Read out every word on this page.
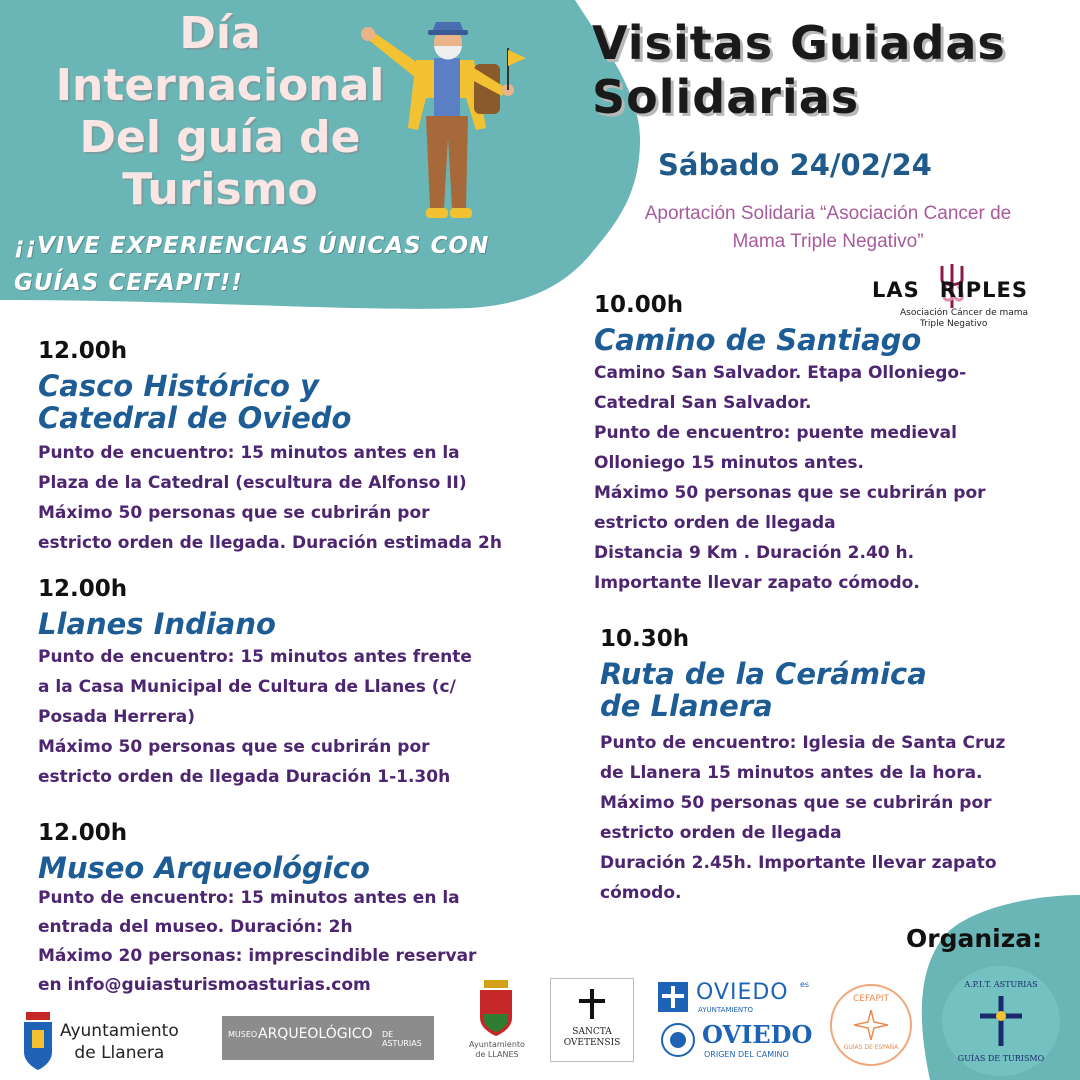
Día
Internacional
Del guía de
Turismo
¡¡VIVE EXPERIENCIAS ÚNICAS CON GUÍAS CEFAPIT!!
Visitas Guiadas Solidarias
Sábado 24/02/24
Aportación Solidaria “Asociación Cancer de Mama Triple Negativo”
LAS RIPLES
Asociación Cáncer de mama
Triple Negativo
12.00h
Casco Histórico y
Catedral de Oviedo
Punto de encuentro: 15 minutos antes en la
Plaza de la Catedral (escultura de Alfonso II)
Máximo 50 personas que se cubrirán por
estricto orden de llegada. Duración estimada 2h
12.00h
Llanes Indiano
Punto de encuentro: 15 minutos antes frente
a la Casa Municipal de Cultura de Llanes (c/
Posada Herrera)
Máximo 50 personas que se cubrirán por
estricto orden de llegada Duración 1-1.30h
12.00h
Museo Arqueológico
Punto de encuentro: 15 minutos antes en la
entrada del museo. Duración: 2h
Máximo 20 personas: imprescindible reservar
en info@guiasturismoasturias.com
10.00h
Camino de Santiago
Camino San Salvador. Etapa Olloniego-
Catedral San Salvador.
Punto de encuentro: puente medieval
Olloniego 15 minutos antes.
Máximo 50 personas que se cubrirán por
estricto orden de llegada
Distancia 9 Km . Duración 2.40 h.
Importante llevar zapato cómodo.
10.30h
Ruta de la Cerámica
de Llanera
Punto de encuentro: Iglesia de Santa Cruz
de Llanera 15 minutos antes de la hora.
Máximo 50 personas que se cubrirán por
estricto orden de llegada
Duración 2.45h. Importante llevar zapato
cómodo.
Organiza:
Ayuntamiento
de Llanera
MUSEO ARQUEOLÓGICO DE ASTURIAS	Ayuntamiento
de LLANES
SANCTA
OVETENSIS
OVIEDO es
AYUNTAMIENTO
OVIEDO
ORIGEN DEL CAMINO
CEFAPIT
GUÍAS DE ESPAÑA
A.P.I.T. ASTURIAS
GUÍAS DE TURISMO
